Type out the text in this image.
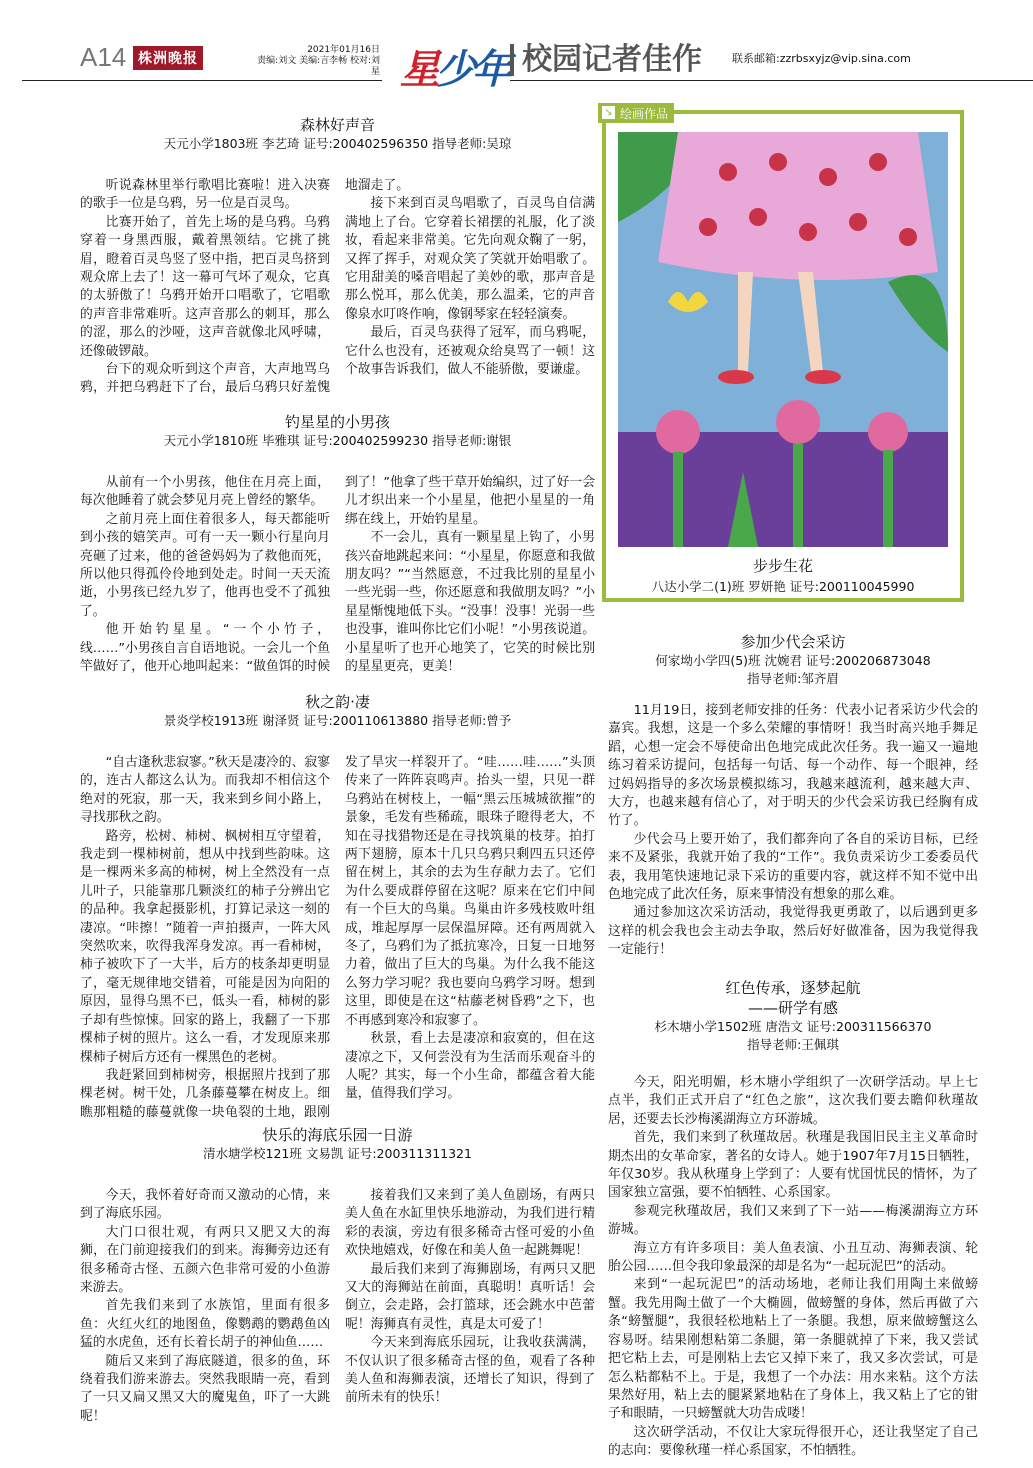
A14 株洲晚报
2021年01月16日
责编:刘文 美编:言李畅 校对:刘星 星少年 校园记者佳作	联系邮箱:zzrbsxyjz@vip.sina.com
森林好声音
天元小学1803班 李艺琦 证号:200402596350 指导老师:吴琼

听说森林里举行歌唱比赛啦！进入决赛的歌手一位是乌鸦，另一位是百灵鸟。

比赛开始了，首先上场的是乌鸦。乌鸦穿着一身黑西服，戴着黑领结。它挑了挑眉，瞪着百灵鸟竖了竖中指，把百灵鸟挤到观众席上去了！这一幕可气坏了观众，它真的太骄傲了！乌鸦开始开口唱歌了，它唱歌的声音非常难听。这声音那么的刺耳，那么的涩，那么的沙哑，这声音就像北风呼啸，还像破锣敲。

台下的观众听到这个声音，大声地骂乌鸦，并把乌鸦赶下了台，最后乌鸦只好羞愧地溜走了。

接下来到百灵鸟唱歌了，百灵鸟自信满满地上了台。它穿着长裙摆的礼服，化了淡妆，看起来非常美。它先向观众鞠了一躬，又挥了挥手，对观众笑了笑就开始唱歌了。它用甜美的嗓音唱起了美妙的歌，那声音是那么悦耳，那么优美，那么温柔，它的声音像泉水叮咚作响，像钢琴家在轻轻演奏。

最后，百灵鸟获得了冠军，而乌鸦呢，它什么也没有，还被观众给臭骂了一顿！这个故事告诉我们，做人不能骄傲，要谦虚。

钓星星的小男孩
天元小学1810班 毕雅琪 证号:200402599230 指导老师:谢银

从前有一个小男孩，他住在月亮上面，每次他睡着了就会梦见月亮上曾经的繁华。

之前月亮上面住着很多人，每天都能听到小孩的嬉笑声。可有一天一颗小行星向月亮砸了过来，他的爸爸妈妈为了救他而死，所以他只得孤伶伶地到处走。时间一天天流逝，小男孩已经九岁了，他再也受不了孤独了。

他开始钓星星。“一个小竹子，线……”小男孩自言自语地说。一会儿一个鱼竿做好了，他开心地叫起来：“做鱼饵的时候到了！”他拿了些干草开始编织，过了好一会儿才织出来一个小星星，他把小星星的一角绑在线上，开始钓星星。

不一会儿，真有一颗星星上钩了，小男孩兴奋地跳起来问：“小星星，你愿意和我做朋友吗？”“当然愿意，不过我比别的星星小一些光弱一些，你还愿意和我做朋友吗？”小星星惭愧地低下头。“没事！没事！光弱一些也没事，谁叫你比它们小呢！”小男孩说道。小星星听了也开心地笑了，它笑的时候比别的星星更亮，更美！

秋之韵·凄
景炎学校1913班 谢泽贤 证号:200110613880 指导老师:曾予

“自古逢秋悲寂寥。”秋天是凄冷的、寂寥的，连古人都这么认为。而我却不相信这个绝对的死寂，那一天，我来到乡间小路上，寻找那秋之韵。

路旁，松树、柿树、枫树相互守望着，我走到一棵柿树前，想从中找到些韵味。这是一棵两米多高的柿树，树上全然没有一点儿叶子，只能靠那几颗淡红的柿子分辨出它的品种。我拿起摄影机，打算记录这一刻的凄凉。“咔擦！”随着一声拍摄声，一阵大风突然吹来，吹得我浑身发凉。再一看柿树，柿子被吹下了一大半，后方的枝条却更明显了，毫无规律地交错着，可能是因为向阳的原因，显得乌黑不已，低头一看，柿树的影子却有些惊悚。回家的路上，我翻了一下那棵柿子树的照片。这么一看，才发现原来那棵柿子树后方还有一棵黑色的老树。

我赶紧回到柿树旁，根据照片找到了那棵老树。树干处，几条藤蔓攀在树皮上。细瞧那粗糙的藤蔓就像一块龟裂的土地，跟刚发了旱灾一样裂开了。“哇……哇……”头顶传来了一阵阵哀鸣声。抬头一望，只见一群乌鸦站在树枝上，一幅“黑云压城城欲摧”的景象，毛发有些稀疏，眼珠子瞪得老大，不知在寻找猎物还是在寻找筑巢的枝芽。拍打两下翅膀，原本十几只乌鸦只剩四五只还停留在树上，其余的去为生存献力去了。它们为什么要成群停留在这呢？原来在它们中间有一个巨大的鸟巢。鸟巢由许多残枝败叶组成，堆起厚厚一层保温屏障。还有两周就入冬了，乌鸦们为了抵抗寒冷，日复一日地努力着，做出了巨大的鸟巢。为什么我不能这么努力学习呢？我也要向乌鸦学习呀。想到这里，即使是在这“枯藤老树昏鸦”之下，也不再感到寒冷和寂寥了。

秋景，看上去是凄凉和寂寞的，但在这凄凉之下，又何尝没有为生活而乐观奋斗的人呢？其实，每一个小生命，都蕴含着大能量，值得我们学习。

快乐的海底乐园一日游
清水塘学校121班 文易凯 证号:200311311321

今天，我怀着好奇而又激动的心情，来到了海底乐园。

大门口很壮观，有两只又肥又大的海狮，在门前迎接我们的到来。海狮旁边还有很多稀奇古怪、五颜六色非常可爱的小鱼游来游去。

首先我们来到了水族馆，里面有很多鱼：火红火红的地图鱼，像鹦鹉的鹦鹉鱼凶猛的水虎鱼，还有长着长胡子的神仙鱼……

随后又来到了海底隧道，很多的鱼，环绕着我们游来游去。突然我眼睛一亮，看到了一只又扁又黑又大的魔鬼鱼，吓了一大跳呢！

接着我们又来到了美人鱼剧场，有两只美人鱼在水缸里快乐地游动，为我们进行精彩的表演，旁边有很多稀奇古怪可爱的小鱼欢快地嬉戏，好像在和美人鱼一起跳舞呢！

最后我们来到了海狮剧场，有两只又肥又大的海狮站在前面，真聪明！真听话！会倒立，会走路，会打篮球，还会跳水中芭蕾呢！海狮真有灵性，真是太可爱了！

今天来到海底乐园玩，让我收获满满，不仅认识了很多稀奇古怪的鱼，观看了各种美人鱼和海狮表演，还增长了知识，得到了前所未有的快乐！

步步生花
八达小学二(1)班 罗妍艳 证号:200110045990
↘ 绘画作品
参加少代会采访
何家坳小学四(5)班 沈婉君 证号:200206873048
指导老师:邹齐眉

11月19日，接到老师安排的任务：代表小记者采访少代会的嘉宾。我想，这是一个多么荣耀的事情呀！我当时高兴地手舞足蹈，心想一定会不辱使命出色地完成此次任务。我一遍又一遍地练习着采访提问，包括每一句话、每一个动作、每一个眼神，经过妈妈指导的多次场景模拟练习，我越来越流利，越来越大声、大方，也越来越有信心了，对于明天的少代会采访我已经胸有成竹了。

少代会马上要开始了，我们都奔向了各自的采访目标，已经来不及紧张，我就开始了我的“工作”。我负责采访少工委委员代表，我用笔快速地记录下采访的重要内容，就这样不知不觉中出色地完成了此次任务，原来事情没有想象的那么难。

通过参加这次采访活动，我觉得我更勇敢了，以后遇到更多这样的机会我也会主动去争取，然后好好做准备，因为我觉得我一定能行！

红色传承，逐梦起航
——研学有感
杉木塘小学1502班 唐浩文 证号:200311566370
指导老师:王佩琪

今天，阳光明媚，杉木塘小学组织了一次研学活动。早上七点半，我们正式开启了“红色之旅”，这次我们要去瞻仰秋瑾故居，还要去长沙梅溪湖海立方环游城。

首先，我们来到了秋瑾故居。秋瑾是我国旧民主主义革命时期杰出的女革命家，著名的女诗人。她于1907年7月15日牺牲，年仅30岁。我从秋瑾身上学到了：人要有忧国忧民的情怀，为了国家独立富强，要不怕牺牲、心系国家。

参观完秋瑾故居，我们又来到了下一站——梅溪湖海立方环游城。

海立方有许多项目：美人鱼表演、小丑互动、海狮表演、轮胎公园……但令我印象最深的却是名为“一起玩泥巴”的活动。

来到“一起玩泥巴”的活动场地，老师让我们用陶土来做螃蟹。我先用陶土做了一个大椭圆，做螃蟹的身体，然后再做了六条“螃蟹腿”，我很轻松地粘上了一条腿。我想，原来做螃蟹这么容易呀。结果刚想粘第二条腿，第一条腿就掉了下来，我又尝试把它粘上去，可是刚粘上去它又掉下来了，我又多次尝试，可是怎么粘都粘不上。于是，我想了一个办法：用水来粘。这个方法果然好用，粘上去的腿紧紧地粘在了身体上，我又粘上了它的钳子和眼睛，一只螃蟹就大功告成喽！

这次研学活动，不仅让大家玩得很开心，还让我坚定了自己的志向：要像秋瑾一样心系国家，不怕牺牲。
